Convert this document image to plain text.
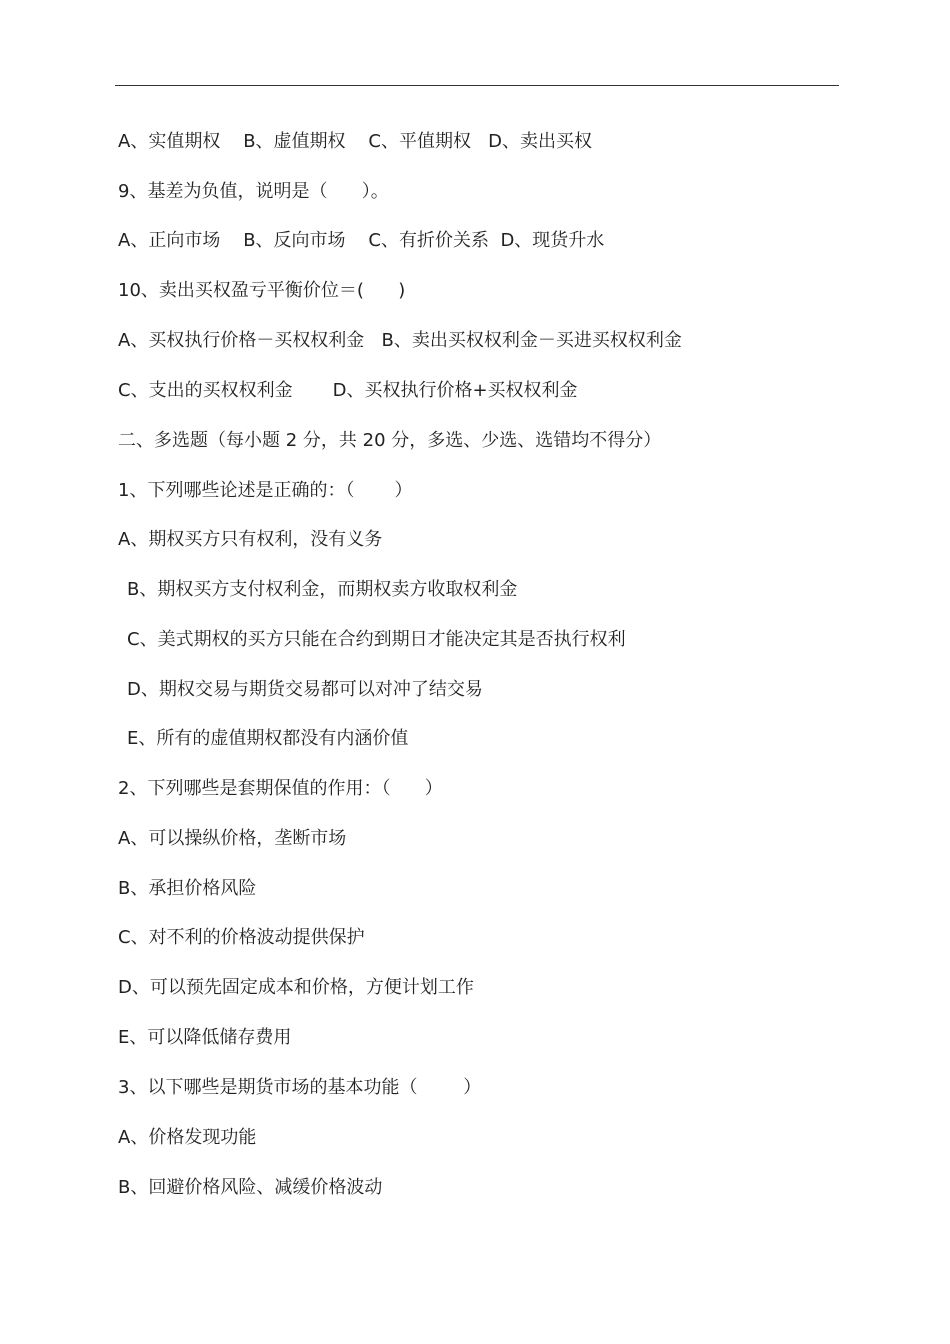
A、实值期权    B、虚值期权    C、平值期权   D、卖出买权
9、基差为负值，说明是（      ）。
A、正向市场    B、反向市场    C、有折价关系  D、现货升水
10、卖出买权盈亏平衡价位＝(      )
A、买权执行价格－买权权利金   B、卖出买权权利金－买进买权权利金
C、支出的买权权利金       D、买权执行价格+买权权利金
二、多选题（每小题 2 分，共 20 分，多选、少选、选错均不得分）
1、下列哪些论述是正确的：（       ）
A、期权买方只有权利，没有义务
B、期权买方支付权利金，而期权卖方收取权利金
C、美式期权的买方只能在合约到期日才能决定其是否执行权利
D、期权交易与期货交易都可以对冲了结交易
E、所有的虚值期权都没有内涵价值
2、下列哪些是套期保值的作用：（      ）
A、可以操纵价格，垄断市场
B、承担价格风险
C、对不利的价格波动提供保护
D、可以预先固定成本和价格，方便计划工作
E、可以降低储存费用
3、以下哪些是期货市场的基本功能（        ）
A、价格发现功能
B、回避价格风险、减缓价格波动
